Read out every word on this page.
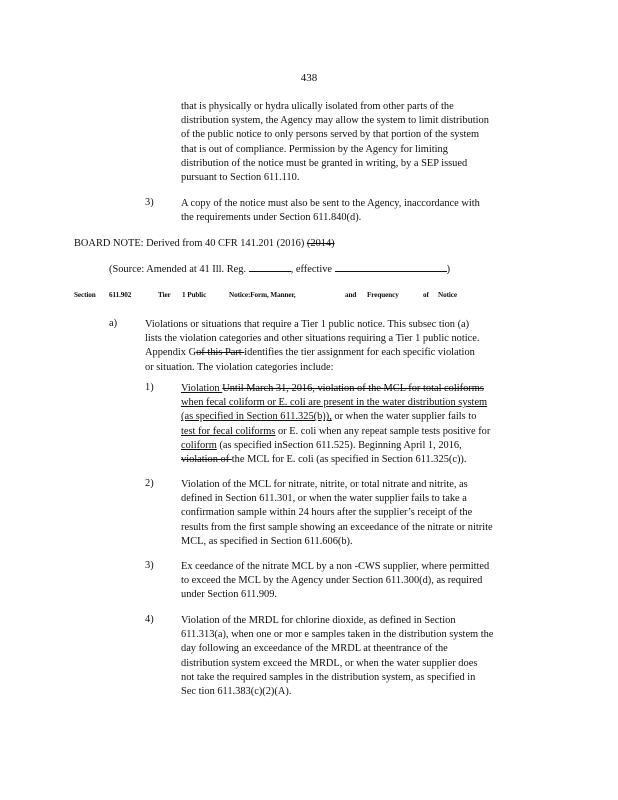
438
that is physically or hydra ulically isolated from other parts of the
distribution system, the Agency may allow the system to limit distribution
of the public notice to only persons served by that portion of the system
that is out of compliance. Permission by the Agency for limiting
distribution of the notice must be granted in writing, by a SEP issued
pursuant to Section 611.110.
3)	A copy of the notice must also be sent to the Agency, inaccordance with
the requirements under Section 611.840(d).
BOARD NOTE: Derived from 40 CFR 141.201 (2016) (2014)
(Source: Amended at 41 Ill. Reg.	, effective	)
Section 611.902	Tier 1 Public	Notice:Form, Manner,	and Frequency	of Notice
a)	Violations or situations that require a Tier 1 public notice. This subsec tion (a)
lists the violation categories and other situations requiring a Tier 1 public notice.
Appendix Gof this Part identifies the tier assignment for each specific violation
or situation. The violation categories include:
1)	Violation Until March 31, 2016, violation of the MCL for total coliforms
when fecal coliform or E. coli are present in the water distribution system
(as specified in Section 611.325(b)), or when the water supplier fails to
test for fecal coliforms or E. coli when any repeat sample tests positive for
coliform (as specified inSection 611.525). Beginning April 1, 2016,
violation of the MCL for E. coli (as specified in Section 611.325(c)).
2)	Violation of the MCL for nitrate, nitrite, or total nitrate and nitrite, as
defined in Section 611.301, or when the water supplier fails to take a
confirmation sample within 24 hours after the supplier’s receipt of the
results from the first sample showing an exceedance of the nitrate or nitrite
MCL, as specified in Section 611.606(b).
3)	Ex ceedance of the nitrate MCL by a non -CWS supplier, where permitted
to exceed the MCL by the Agency under Section 611.300(d), as required
under Section 611.909.
4)	Violation of the MRDL for chlorine dioxide, as defined in Section
611.313(a), when one or mor e samples taken in the distribution system the
day following an exceedance of the MRDL at theentrance of the
distribution system exceed the MRDL, or when the water supplier does
not take the required samples in the distribution system, as specified in
Sec tion 611.383(c)(2)(A).
